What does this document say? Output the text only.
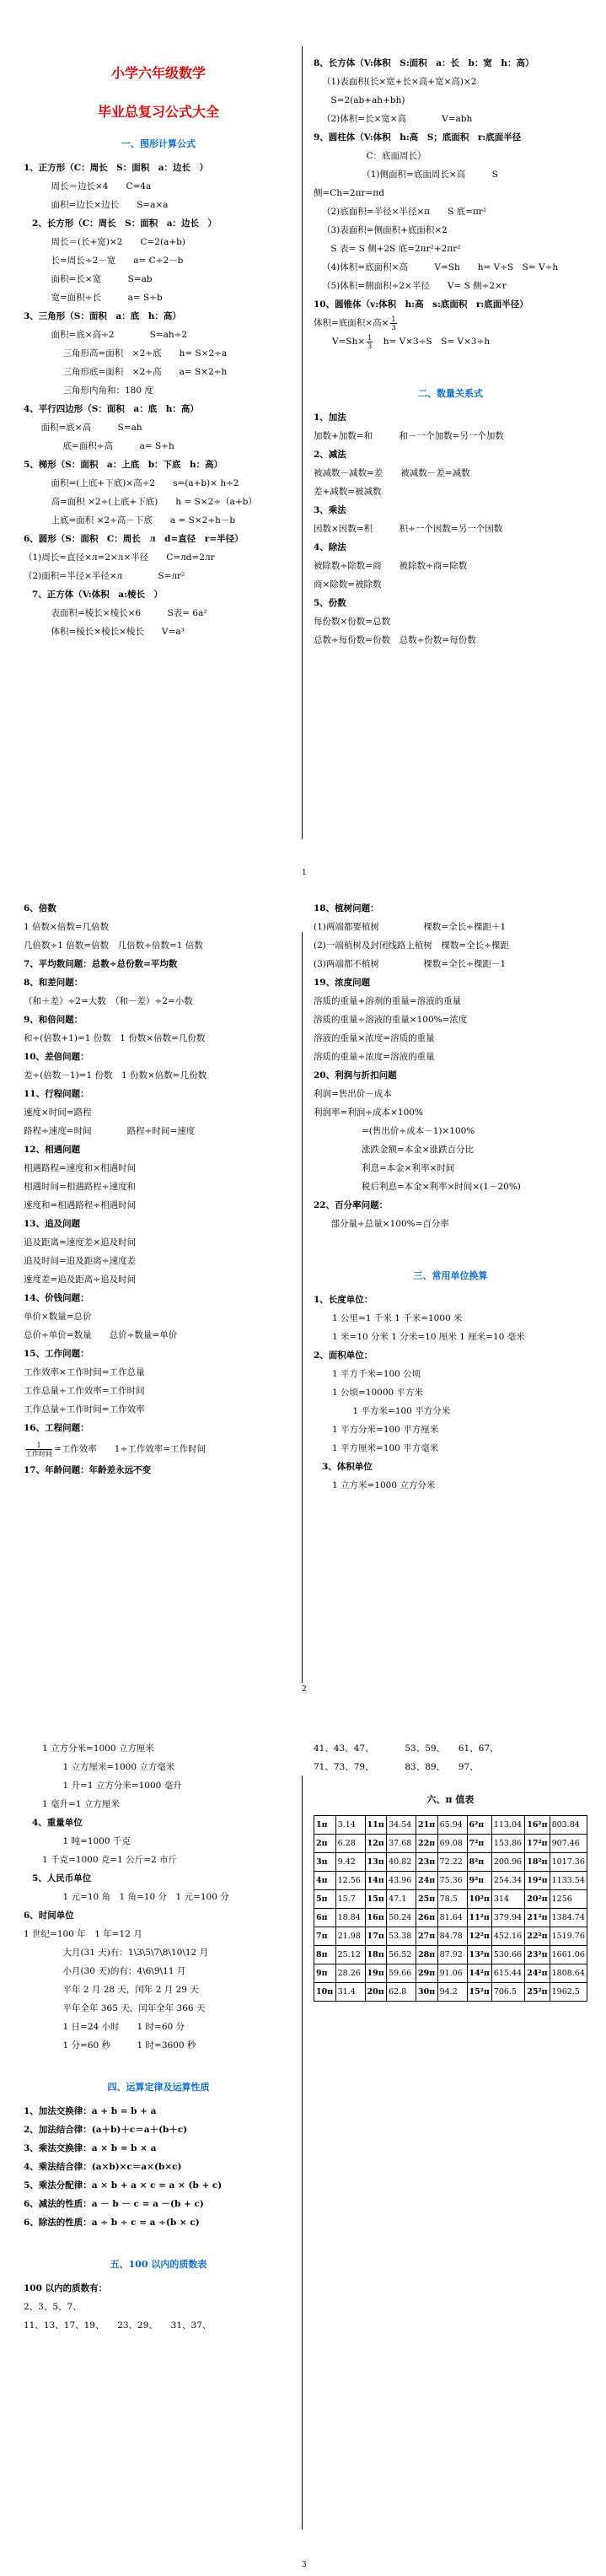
小学六年级数学
毕业总复习公式大全
一、图形计算公式
1、正方形（C：周长　S：面积　a：边长　）
　周长＝边长×4　　C=4a
　面积=边长×边长　　S=a×a
2、长方形（C：周长　S：面积　a：边长　）
　周长＝(长+宽)×2　　C=2(a+b)
　长=周长÷2－宽　　a= C÷2－b
　面积=长×宽　　　S=ab
　宽=面积÷长　　　a= S÷b
3、三角形（S：面积　a：底　h：高）
　面积=底×高÷2　　　　S=ah÷2
　三角形高=面积　×2÷底　　h= S×2÷a
　三角形底=面积　×2÷高　　a= S×2÷h
　三角形内角和：180 度
4、平行四边形（S：面积　a：底　h：高）
　面积=底×高　　　S=ah
　底=面积÷高　　　a= S÷h
5、梯形（S：面积　a：上底　b：下底　h：高）
　面积=(上底+下底)×高÷2　　s=(a+b)× h÷2
　高=面积 ×2÷(上底+下底)　　h = S×2÷（a+b）
　上底=面积 ×2÷高－下底　　a = S×2÷h－b
6、圆形（S：面积　C：周长　л　d=直径　r=半径）
（1)周长=直径×л=2×л×半径　　C=лd=2лr
（2)面积=半径×半径×л　　　　S=лr²
7、正方体（V:体积　a:棱长　）
　表面积=棱长×棱长×6　　　S表= 6a²
　体积=棱长×棱长×棱长　　V=a³
8、长方体（V:体积　S:面积　a：长　b：宽　h：高）
（1)表面积(长×宽+长×高+宽×高)×2
　S=2(ab+ah+bh)
（2)体积=长×宽×高　　　　V=abh
9、圆柱体（V:体积　h:高　S；底面积　r:底面半径
　C：底面周长）
　（1)侧面积=底面周长×高　　　S
侧=Ch=2πr=πd
（2)底面积=半径×半径×π　　S 底=πr²
（3)表面积=侧面积+底面积×2
　S 表= S 侧+2S 底=2πr²+2πr²
（4)体积=底面积×高　　　V=Sh　　h= V÷S　S= V÷h
（5)体积=侧面积÷2×半径　　V= S 侧÷2×r
10、圆锥体（v:体积　h:高　s:底面积　r:底面半径）
体积=底面积×高× $\frac{1}{3}$
$V=Sh\times \frac{1}{3}$ 　h= V×3÷S　S= V×3÷h
二、数量关系式
1、加法
加数+加数=和　　　和－一个加数=另一个加数
2、减法
被减数－减数=差　　被减数－差=减数
差+减数=被减数
3、乘法
因数×因数=积　　　积÷一个因数=另一个因数
4、除法
被除数÷除数=商　　被除数÷商=除数
商×除数=被除数
5、份数
每份数×份数=总数
总数÷每份数=份数　总数÷份数=每份数
1
6、倍数
1 倍数×倍数=几倍数
几倍数÷1 倍数=倍数　几倍数÷倍数=1 倍数
7、平均数问题：总数÷总份数=平均数
8、和差问题：
（和＋差）÷2=大数　（和－差）÷2=小数
9、和倍问题：
和÷(倍数+1)=1 份数　1 份数×倍数=几份数
10、差倍问题：
差÷(倍数－1)=1 份数　1 份数×倍数=几份数
11、行程问题：
速度×时间=路程
路程÷速度=时间　　　　路程÷时间=速度
12、相遇问题
相遇路程=速度和×相遇时间
相遇时间=相遇路程÷速度和
速度和=相遇路程÷相遇时间
13、追及问题
追及距离=速度差×追及时间
追及时间=追及距离÷速度差
速度差=追及距离÷追及时间
14、价钱问题：
单价×数量=总价
总价÷单价=数量　　总价÷数量=单价
15、工作问题：
工作效率×工作时间=工作总量
工作总量÷工作效率=工作时间
工作总量÷工作时间=工作效率
16、工程问题：
$\frac{1}{\text{工作时间}}$ =工作效率　　1÷工作效率=工作时间
17、年龄问题：年龄差永远不变
18、植树问题：
(1)两端都要植树　　　　　棵数=全长÷棵距＋1
(2)一端植树及封闭线路上植树　棵数=全长÷棵距
(3)两端都不植树　　　　　棵数=全长÷棵距－1
19、浓度问题
溶质的重量+溶剂的重量=溶液的重量
溶质的重量÷溶液的重量×100%=浓度
溶液的重量×浓度=溶质的重量
溶质的重量÷浓度=溶液的重量
20、利润与折扣问题
利润=售出价－成本
利润率=利润÷成本×100%
　　=(售出价÷成本－1)×100%
　　涨跌金额=本金×涨跌百分比
　　利息=本金×利率×时间
　　税后利息=本金×利率×时间×(1－20%)
22、百分率问题：
　部分量÷总量×100%=百分率
三、常用单位换算
1、长度单位：
1 公里=1 千米 1 千米=1000 米
1 米=10 分米 1 分米=10 厘米 1 厘米=10 毫米
2、面积单位：
1 平方千米=100 公顷
1 公顷=10000 平方米
　1 平方米=100 平方分米
1 平方分米=100 平方厘米
1 平方厘米=100 平方毫米
3、体积单位
1 立方米=1000 立方分米
2
1 立方分米=1000 立方厘米
　1 立方厘米=1000 立方毫米
　1 升=1 立方分米=1000 毫升
1 毫升=1 立方厘米
4、重量单位
　1 吨=1000 千克
1 千克=1000 克=1 公斤=2 市斤
5、人民币单位
　1 元=10 角　1 角=10 分　1 元=100 分
6、时间单位
1 世纪=100 年　1 年=12 月
　大月(31 天)有：1\3\5\7\8\10\12 月
　小月(30 天)的有：4\6\9\11 月
　平年 2 月 28 天，闰年 2 月 29 天
　平年全年 365 天，闰年全年 366 天
　1 日=24 小时　　1 时=60 分
　1 分=60 秒　　　1 时=3600 秒
四、运算定律及运算性质
1、加法交换律：a + b = b + a
2、加法结合律：(a＋b)＋c＝a＋(b＋c)
3、乘法交换律：a × b = b × a
4、乘法结合律：(a×b)×c＝a×(b×c)
5、乘法分配律：a × b + a × c = a × (b + c)
6、减法的性质：a － b － c = a －(b + c)
6、除法的性质：a ÷ b ÷ c = a ÷(b × c)
五、100 以内的质数表
100 以内的质数有：
2、3、5、7、
11、13、17、19、　　23、29、　　31、37、
41、43、47、　　　　53、59、　　61、67、
71、73、79、　　　　83、89、　　97、
六、π 值表
1π	3.14	11π	34.54	21π	65.94	6²π	113.04	16²π	803.84
2π	6.28	12π	37.68	22π	69.08	7²π	153.86	17²π	907.46
3π	9.42	13π	40.82	23π	72.22	8²π	200.96	18²π	1017.36
4π	12.56	14π	43.96	24π	75.36	9²π	254.34	19²π	1133.54
5π	15.7	15π	47.1	25π	78.5	10²π	314	20²π	1256
6π	18.84	16π	50.24	26π	81.64	11²π	379.94	21²π	1384.74
7π	21.98	17π	53.38	27π	84.78	12²π	452.16	22²π	1519.76
8π	25.12	18π	56.52	28π	87.92	13²π	530.66	23²π	1661.06
9π	28.26	19π	59.66	29π	91.06	14²π	615.44	24²π	1808.64
10π	31.4	20π	62.8	30π	94.2	15²π	706.5	25²π	1962.5
3
